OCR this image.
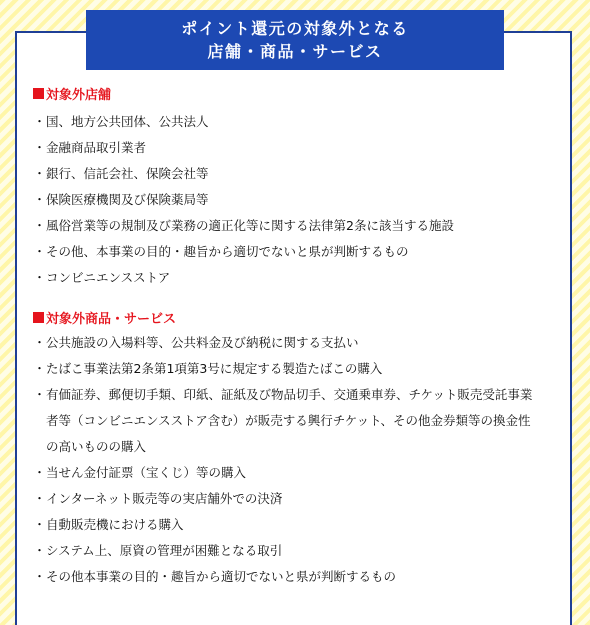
ポイント還元の対象外となる
店舗・商品・サービス
対象外店舗
・ 国、地方公共団体、公共法人
・ 金融商品取引業者
・ 銀行、信託会社、保険会社等
・ 保険医療機関及び保険薬局等
・ 風俗営業等の規制及び業務の適正化等に関する法律第2条に該当する施設
・ その他、本事業の目的・趣旨から適切でないと県が判断するもの
・ コンビニエンスストア
対象外商品・サービス
・ 公共施設の入場料等、公共料金及び納税に関する支払い
・ たばこ事業法第2条第1項第3号に規定する製造たばこの購入
・ 有価証券、郵便切手類、印紙、証紙及び物品切手、交通乗車券、チケット販売受託事業
者等（コンビニエンスストア含む）が販売する興行チケット、その他金券類等の換金性
の高いものの購入
・ 当せん金付証票（宝くじ）等の購入
・ インターネット販売等の実店舗外での決済
・ 自動販売機における購入
・ システム上、原資の管理が困難となる取引
・ その他本事業の目的・趣旨から適切でないと県が判断するもの
